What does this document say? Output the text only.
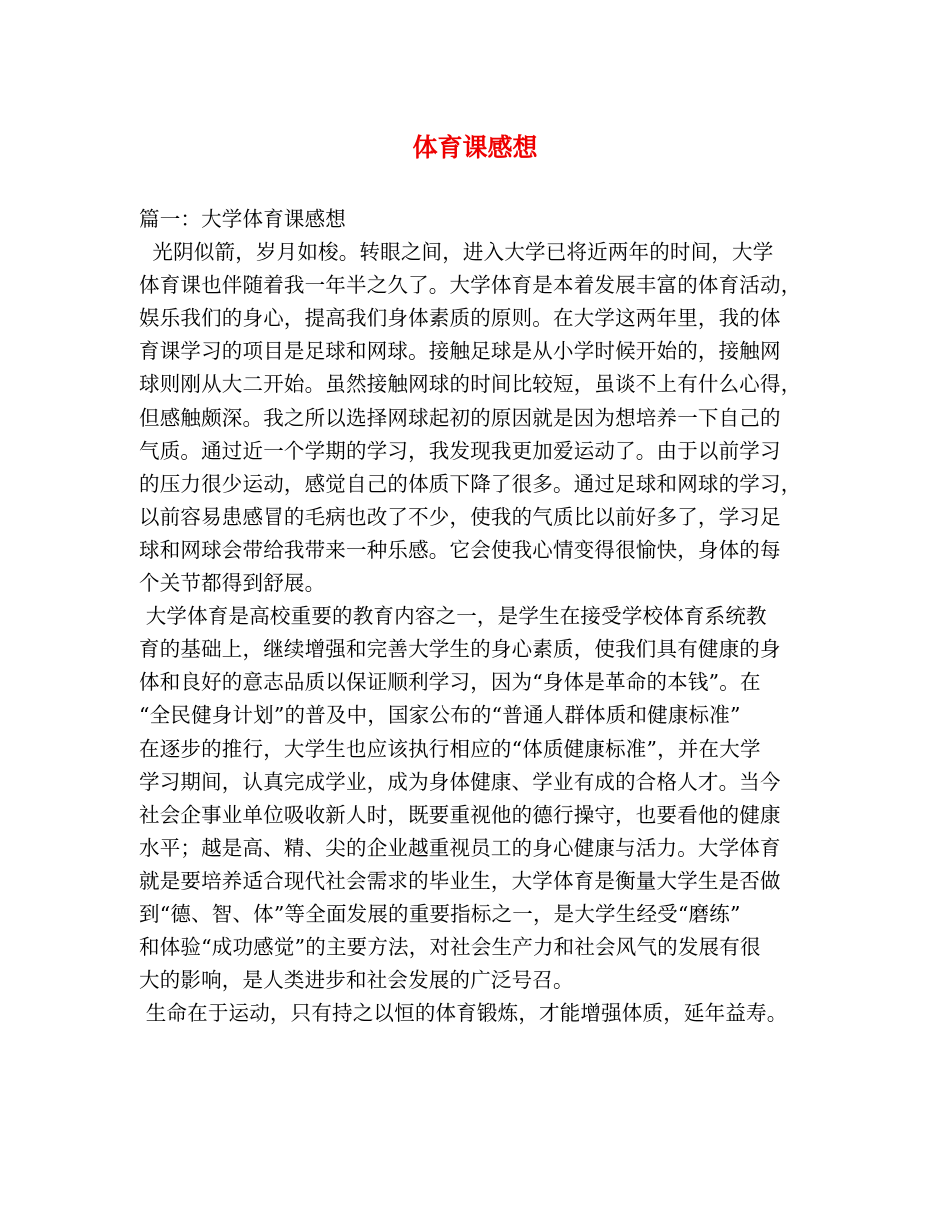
体育课感想
篇一：大学体育课感想
光阴似箭，岁月如梭。转眼之间，进入大学已将近两年的时间，大学
体育课也伴随着我一年半之久了。大学体育是本着发展丰富的体育活动，
娱乐我们的身心，提高我们身体素质的原则。在大学这两年里，我的体
育课学习的项目是足球和网球。接触足球是从小学时候开始的，接触网
球则刚从大二开始。虽然接触网球的时间比较短，虽谈不上有什么心得，
但感触颇深。我之所以选择网球起初的原因就是因为想培养一下自己的
气质。通过近一个学期的学习，我发现我更加爱运动了。由于以前学习
的压力很少运动，感觉自己的体质下降了很多。通过足球和网球的学习，
以前容易患感冒的毛病也改了不少，使我的气质比以前好多了，学习足
球和网球会带给我带来一种乐感。它会使我心情变得很愉快，身体的每
个关节都得到舒展。
大学体育是高校重要的教育内容之一，是学生在接受学校体育系统教
育的基础上，继续增强和完善大学生的身心素质，使我们具有健康的身
体和良好的意志品质以保证顺利学习，因为“身体是革命的本钱”。在
“全民健身计划”的普及中，国家公布的“普通人群体质和健康标准”
在逐步的推行，大学生也应该执行相应的“体质健康标准”，并在大学
学习期间，认真完成学业，成为身体健康、学业有成的合格人才。当今
社会企事业单位吸收新人时，既要重视他的德行操守，也要看他的健康
水平；越是高、精、尖的企业越重视员工的身心健康与活力。大学体育
就是要培养适合现代社会需求的毕业生，大学体育是衡量大学生是否做
到“德、智、体”等全面发展的重要指标之一，是大学生经受“磨练”
和体验“成功感觉”的主要方法，对社会生产力和社会风气的发展有很
大的影响，是人类进步和社会发展的广泛号召。
生命在于运动，只有持之以恒的体育锻炼，才能增强体质，延年益寿。
